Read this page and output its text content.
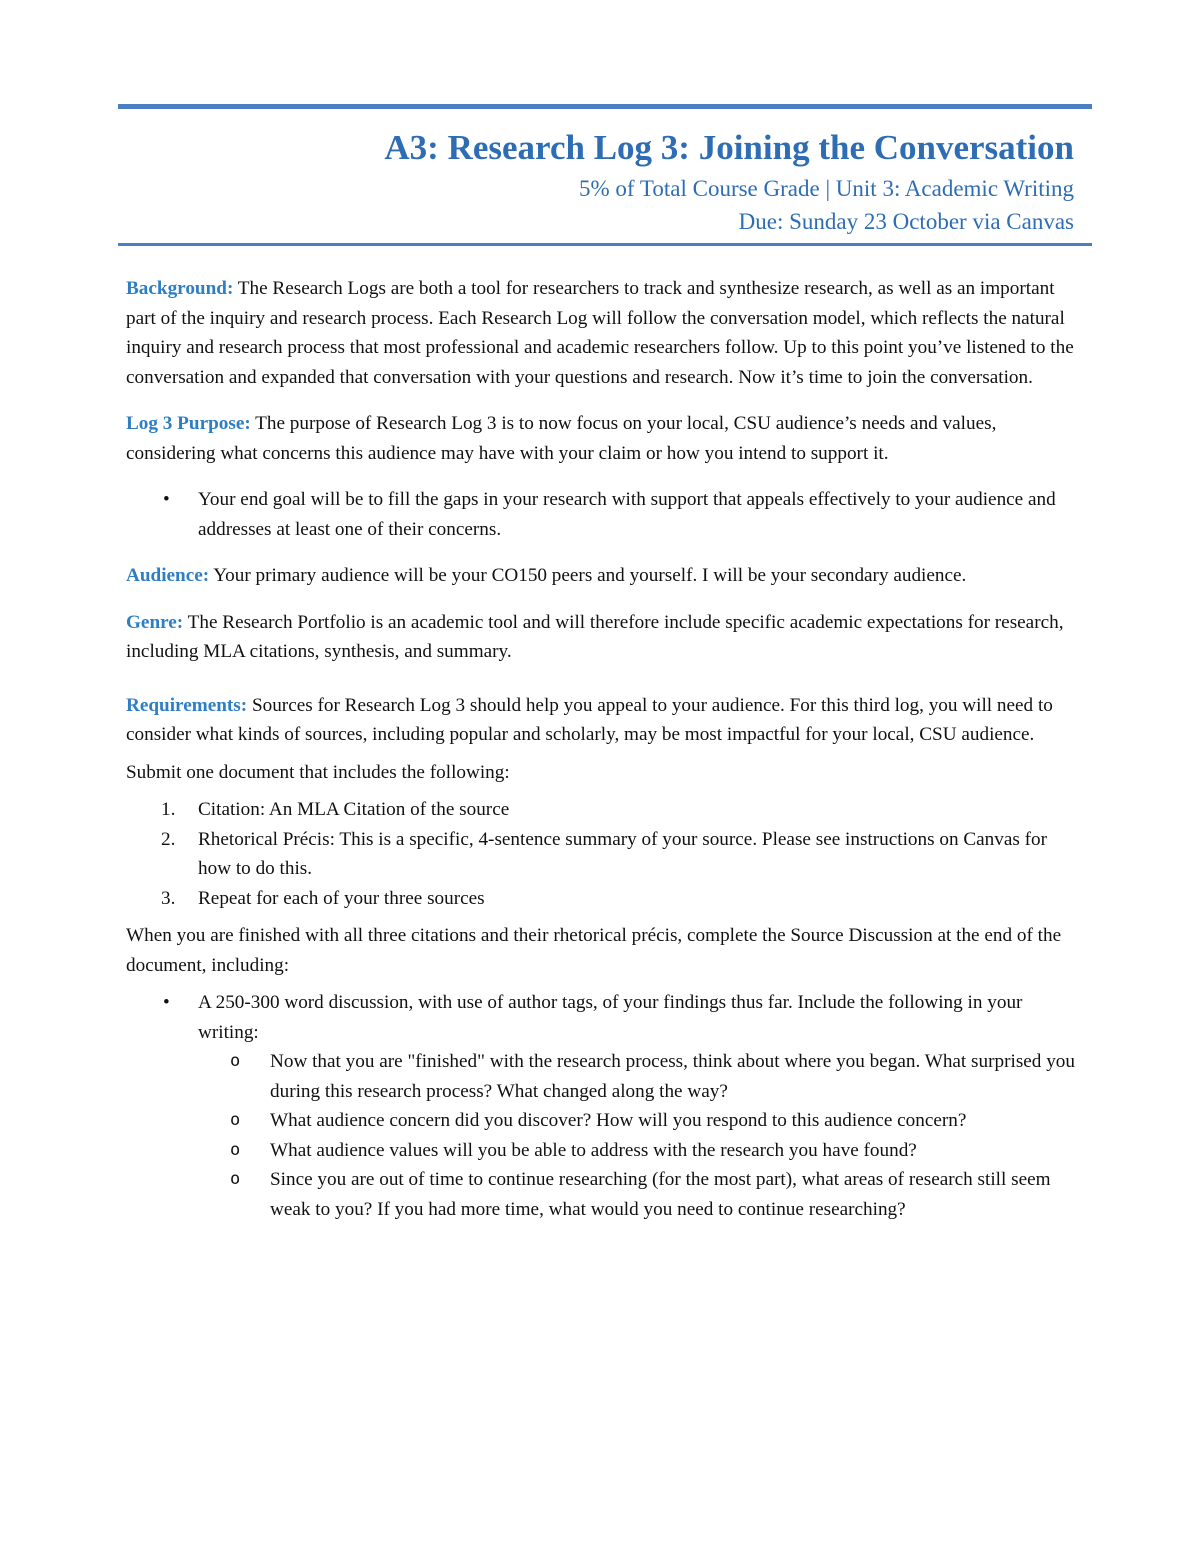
A3: Research Log 3: Joining the Conversation

5% of Total Course Grade | Unit 3: Academic Writing

Due: Sunday 23 October via Canvas

Background: The Research Logs are both a tool for researchers to track and synthesize research, as well as an important part of the inquiry and research process. Each Research Log will follow the conversation model, which reflects the natural inquiry and research process that most professional and academic researchers follow. Up to this point you’ve listened to the conversation and expanded that conversation with your questions and research. Now it’s time to join the conversation.

Log 3 Purpose: The purpose of Research Log 3 is to now focus on your local, CSU audience’s needs and values, considering what concerns this audience may have with your claim or how you intend to support it.

• Your end goal will be to fill the gaps in your research with support that appeals effectively to your audience and addresses at least one of their concerns.

Audience: Your primary audience will be your CO150 peers and yourself. I will be your secondary audience.

Genre: The Research Portfolio is an academic tool and will therefore include specific academic expectations for research, including MLA citations, synthesis, and summary.

Requirements: Sources for Research Log 3 should help you appeal to your audience. For this third log, you will need to consider what kinds of sources, including popular and scholarly, may be most impactful for your local, CSU audience.

Submit one document that includes the following:

1. Citation: An MLA Citation of the source
2. Rhetorical Précis: This is a specific, 4-sentence summary of your source. Please see instructions on Canvas for how to do this.
3. Repeat for each of your three sources

When you are finished with all three citations and their rhetorical précis, complete the Source Discussion at the end of the document, including:

• A 250-300 word discussion, with use of author tags, of your findings thus far. Include the following in your writing:
o Now that you are "finished" with the research process, think about where you began. What surprised you during this research process? What changed along the way?
o What audience concern did you discover? How will you respond to this audience concern?
o What audience values will you be able to address with the research you have found?
o Since you are out of time to continue researching (for the most part), what areas of research still seem weak to you? If you had more time, what would you need to continue researching?
